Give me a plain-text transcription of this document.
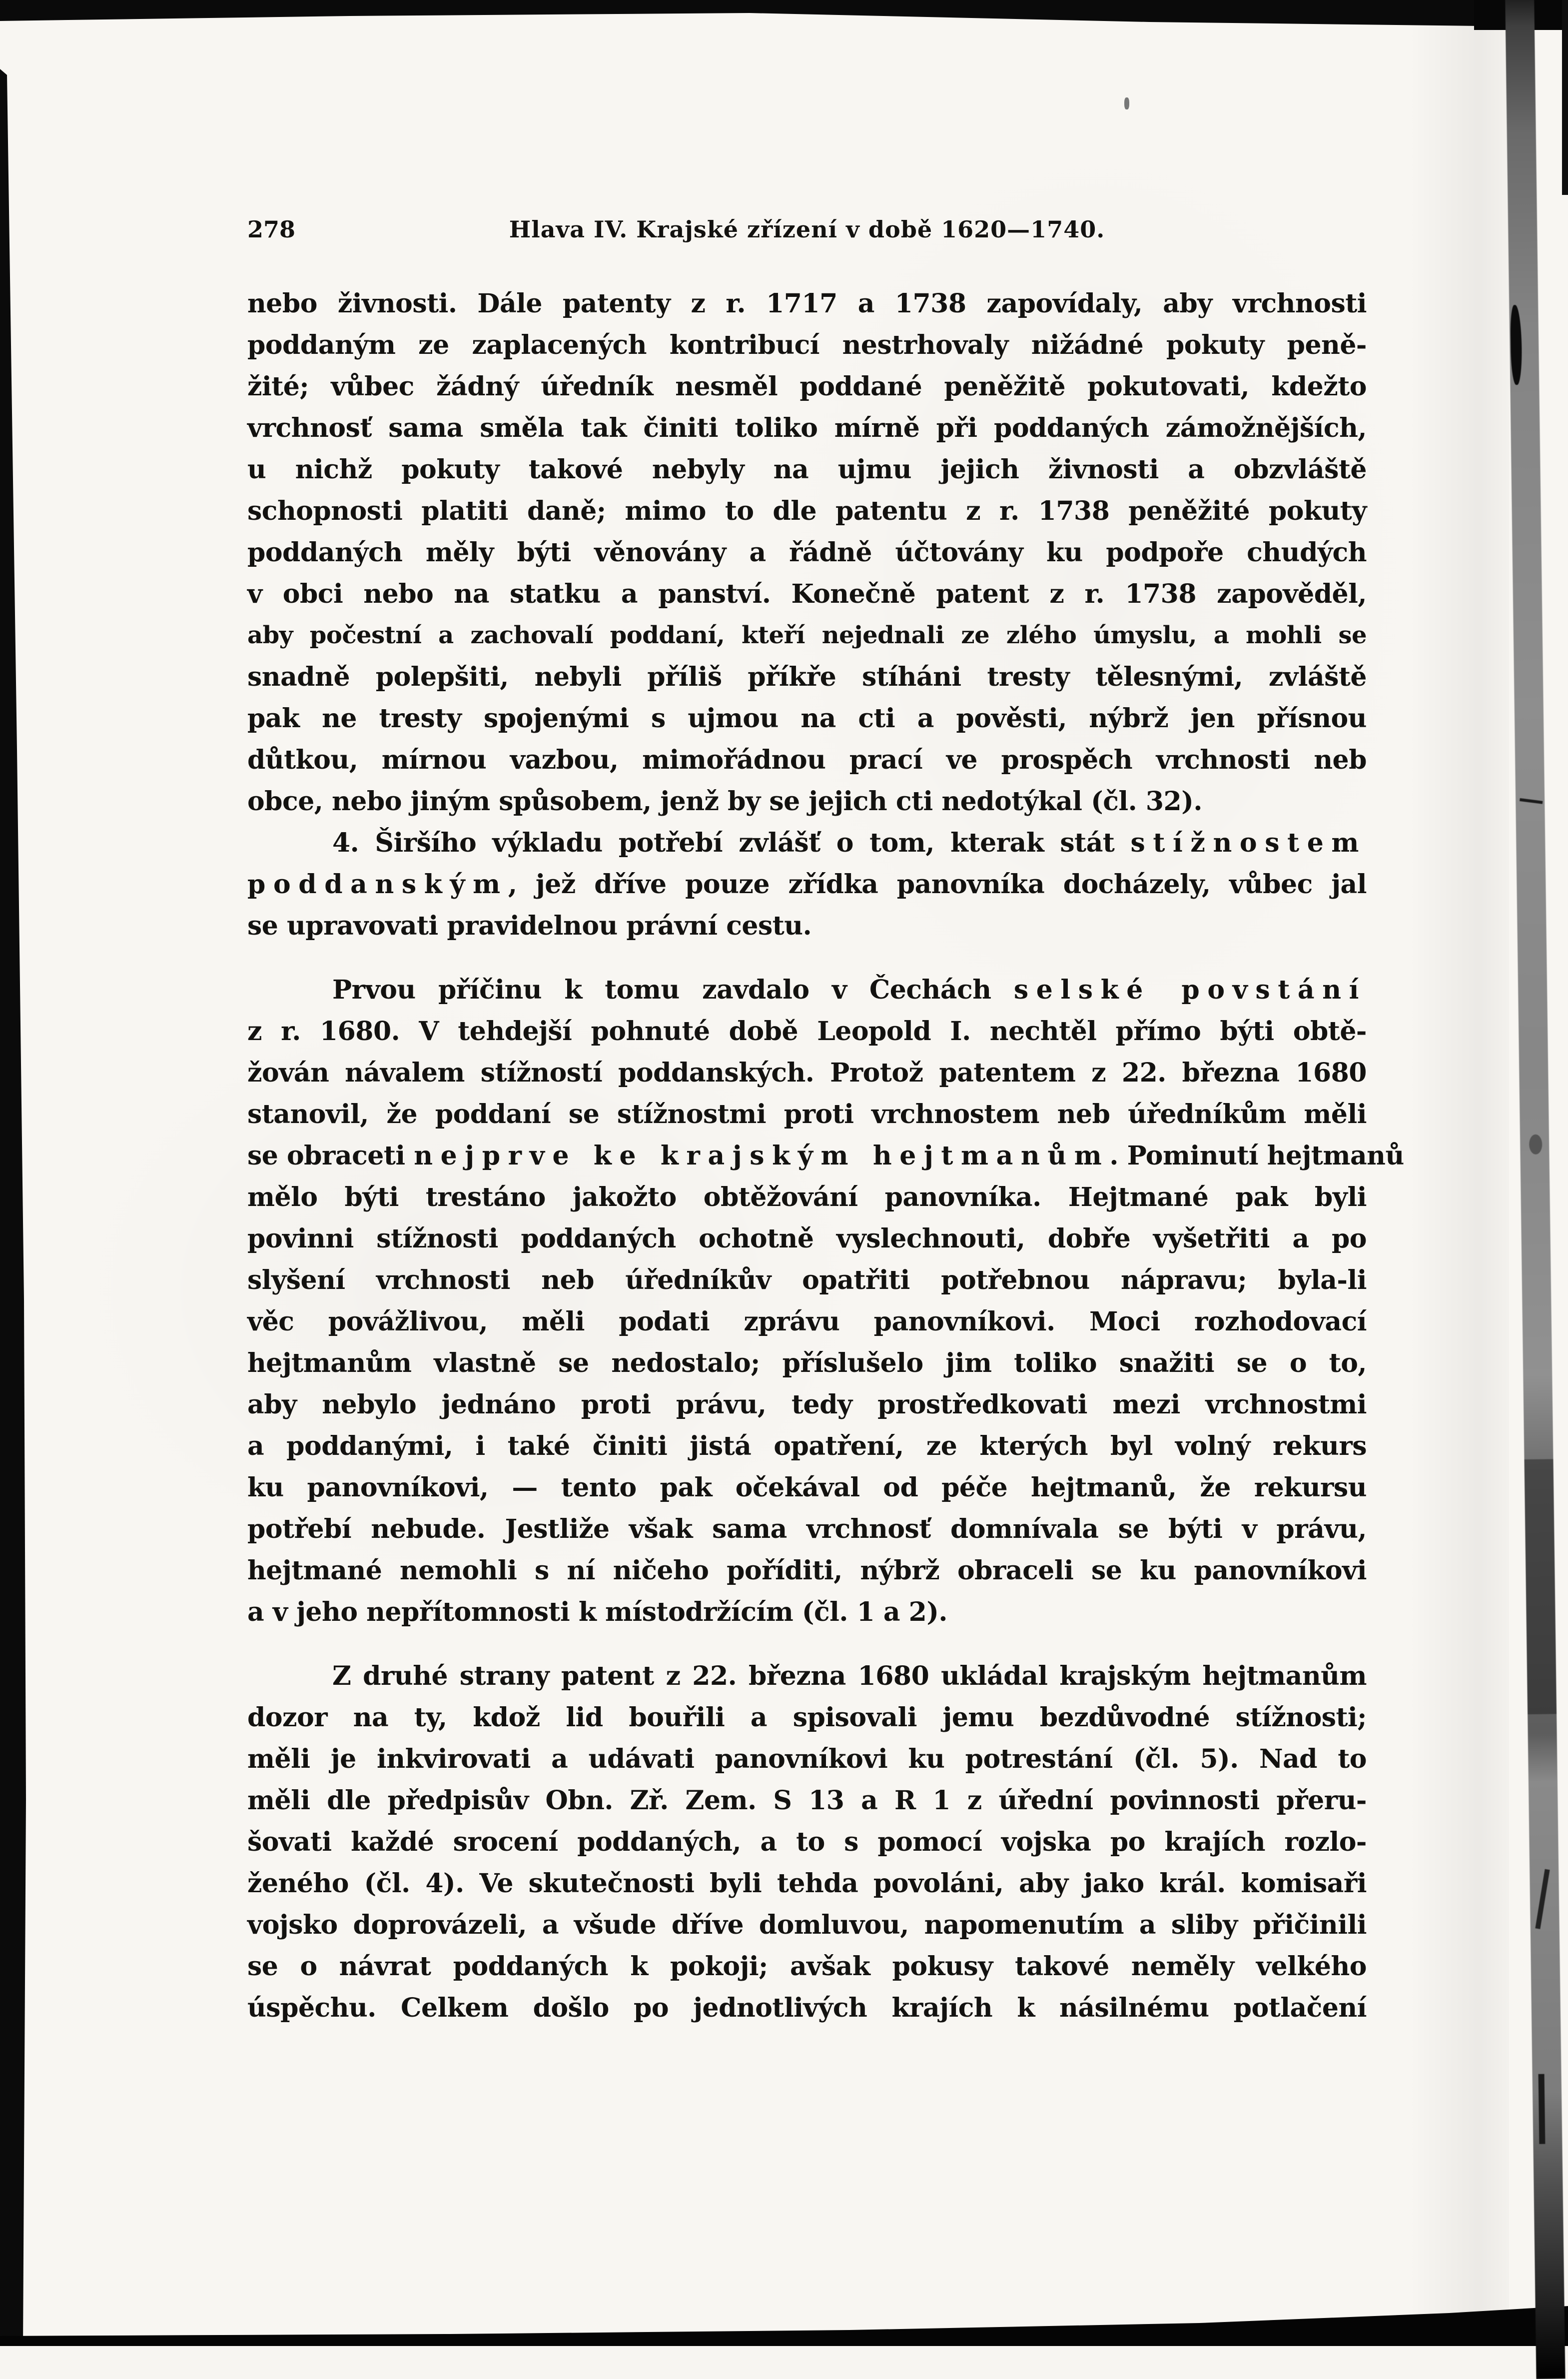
278	Hlava IV. Krajské zřízení v době 1620—1740.
nebo živnosti. Dále patenty z r. 1717 a 1738 zapovídaly, aby vrchnosti
poddaným ze zaplacených kontribucí nestrhovaly nižádné pokuty peně-
žité; vůbec žádný úředník nesměl poddané peněžitě pokutovati, kdežto
vrchnosť sama směla tak činiti toliko mírně při poddaných zámožnějších,
u nichž pokuty takové nebyly na ujmu jejich živnosti a obzvláště
schopnosti platiti daně; mimo to dle patentu z r. 1738 peněžité pokuty
poddaných měly býti věnovány a řádně účtovány ku podpoře chudých
v obci nebo na statku a panství. Konečně patent z r. 1738 zapověděl,
aby počestní a zachovalí poddaní, kteří nejednali ze zlého úmyslu, a mohli se
snadně polepšiti, nebyli příliš příkře stíháni tresty tělesnými, zvláště
pak ne tresty spojenými s ujmou na cti a pověsti, nýbrž jen přísnou
důtkou, mírnou vazbou, mimořádnou prací ve prospěch vrchnosti neb
obce, nebo jiným spůsobem, jenž by se jejich cti nedotýkal (čl. 32).
4. Širšího výkladu potřebí zvlášť o tom, kterak stát stížnostem
poddanským, jež dříve pouze zřídka panovníka docházely, vůbec jal
se upravovati pravidelnou právní cestu.
Prvou příčinu k tomu zavdalo v Čechách selské povstání
z r. 1680. V tehdejší pohnuté době Leopold I. nechtěl přímo býti obtě-
žován návalem stížností poddanských. Protož patentem z 22. března 1680
stanovil, že poddaní se stížnostmi proti vrchnostem neb úředníkům měli
se obraceti nejprve ke krajským hejtmanům. Pominutí hejtmanů
mělo býti trestáno jakožto obtěžování panovníka. Hejtmané pak byli
povinni stížnosti poddaných ochotně vyslechnouti, dobře vyšetřiti a po
slyšení vrchnosti neb úředníkův opatřiti potřebnou nápravu; byla-li
věc povážlivou, měli podati zprávu panovníkovi. Moci rozhodovací
hejtmanům vlastně se nedostalo; příslušelo jim toliko snažiti se o to,
aby nebylo jednáno proti právu, tedy prostředkovati mezi vrchnostmi
a poddanými, i také činiti jistá opatření, ze kterých byl volný rekurs
ku panovníkovi, — tento pak očekával od péče hejtmanů, že rekursu
potřebí nebude. Jestliže však sama vrchnosť domnívala se býti v právu,
hejtmané nemohli s ní ničeho poříditi, nýbrž obraceli se ku panovníkovi
a v jeho nepřítomnosti k místodržícím (čl. 1 a 2).
Z druhé strany patent z 22. března 1680 ukládal krajským hejtmanům
dozor na ty, kdož lid bouřili a spisovali jemu bezdůvodné stížnosti;
měli je inkvirovati a udávati panovníkovi ku potrestání (čl. 5). Nad to
měli dle předpisův Obn. Zř. Zem. S 13 a R 1 z úřední povinnosti přeru-
šovati každé srocení poddaných, a to s pomocí vojska po krajích rozlo-
ženého (čl. 4). Ve skutečnosti byli tehda povoláni, aby jako král. komisaři
vojsko doprovázeli, a všude dříve domluvou, napomenutím a sliby přičinili
se o návrat poddaných k pokoji; avšak pokusy takové neměly velkého
úspěchu. Celkem došlo po jednotlivých krajích k násilnému potlačení
